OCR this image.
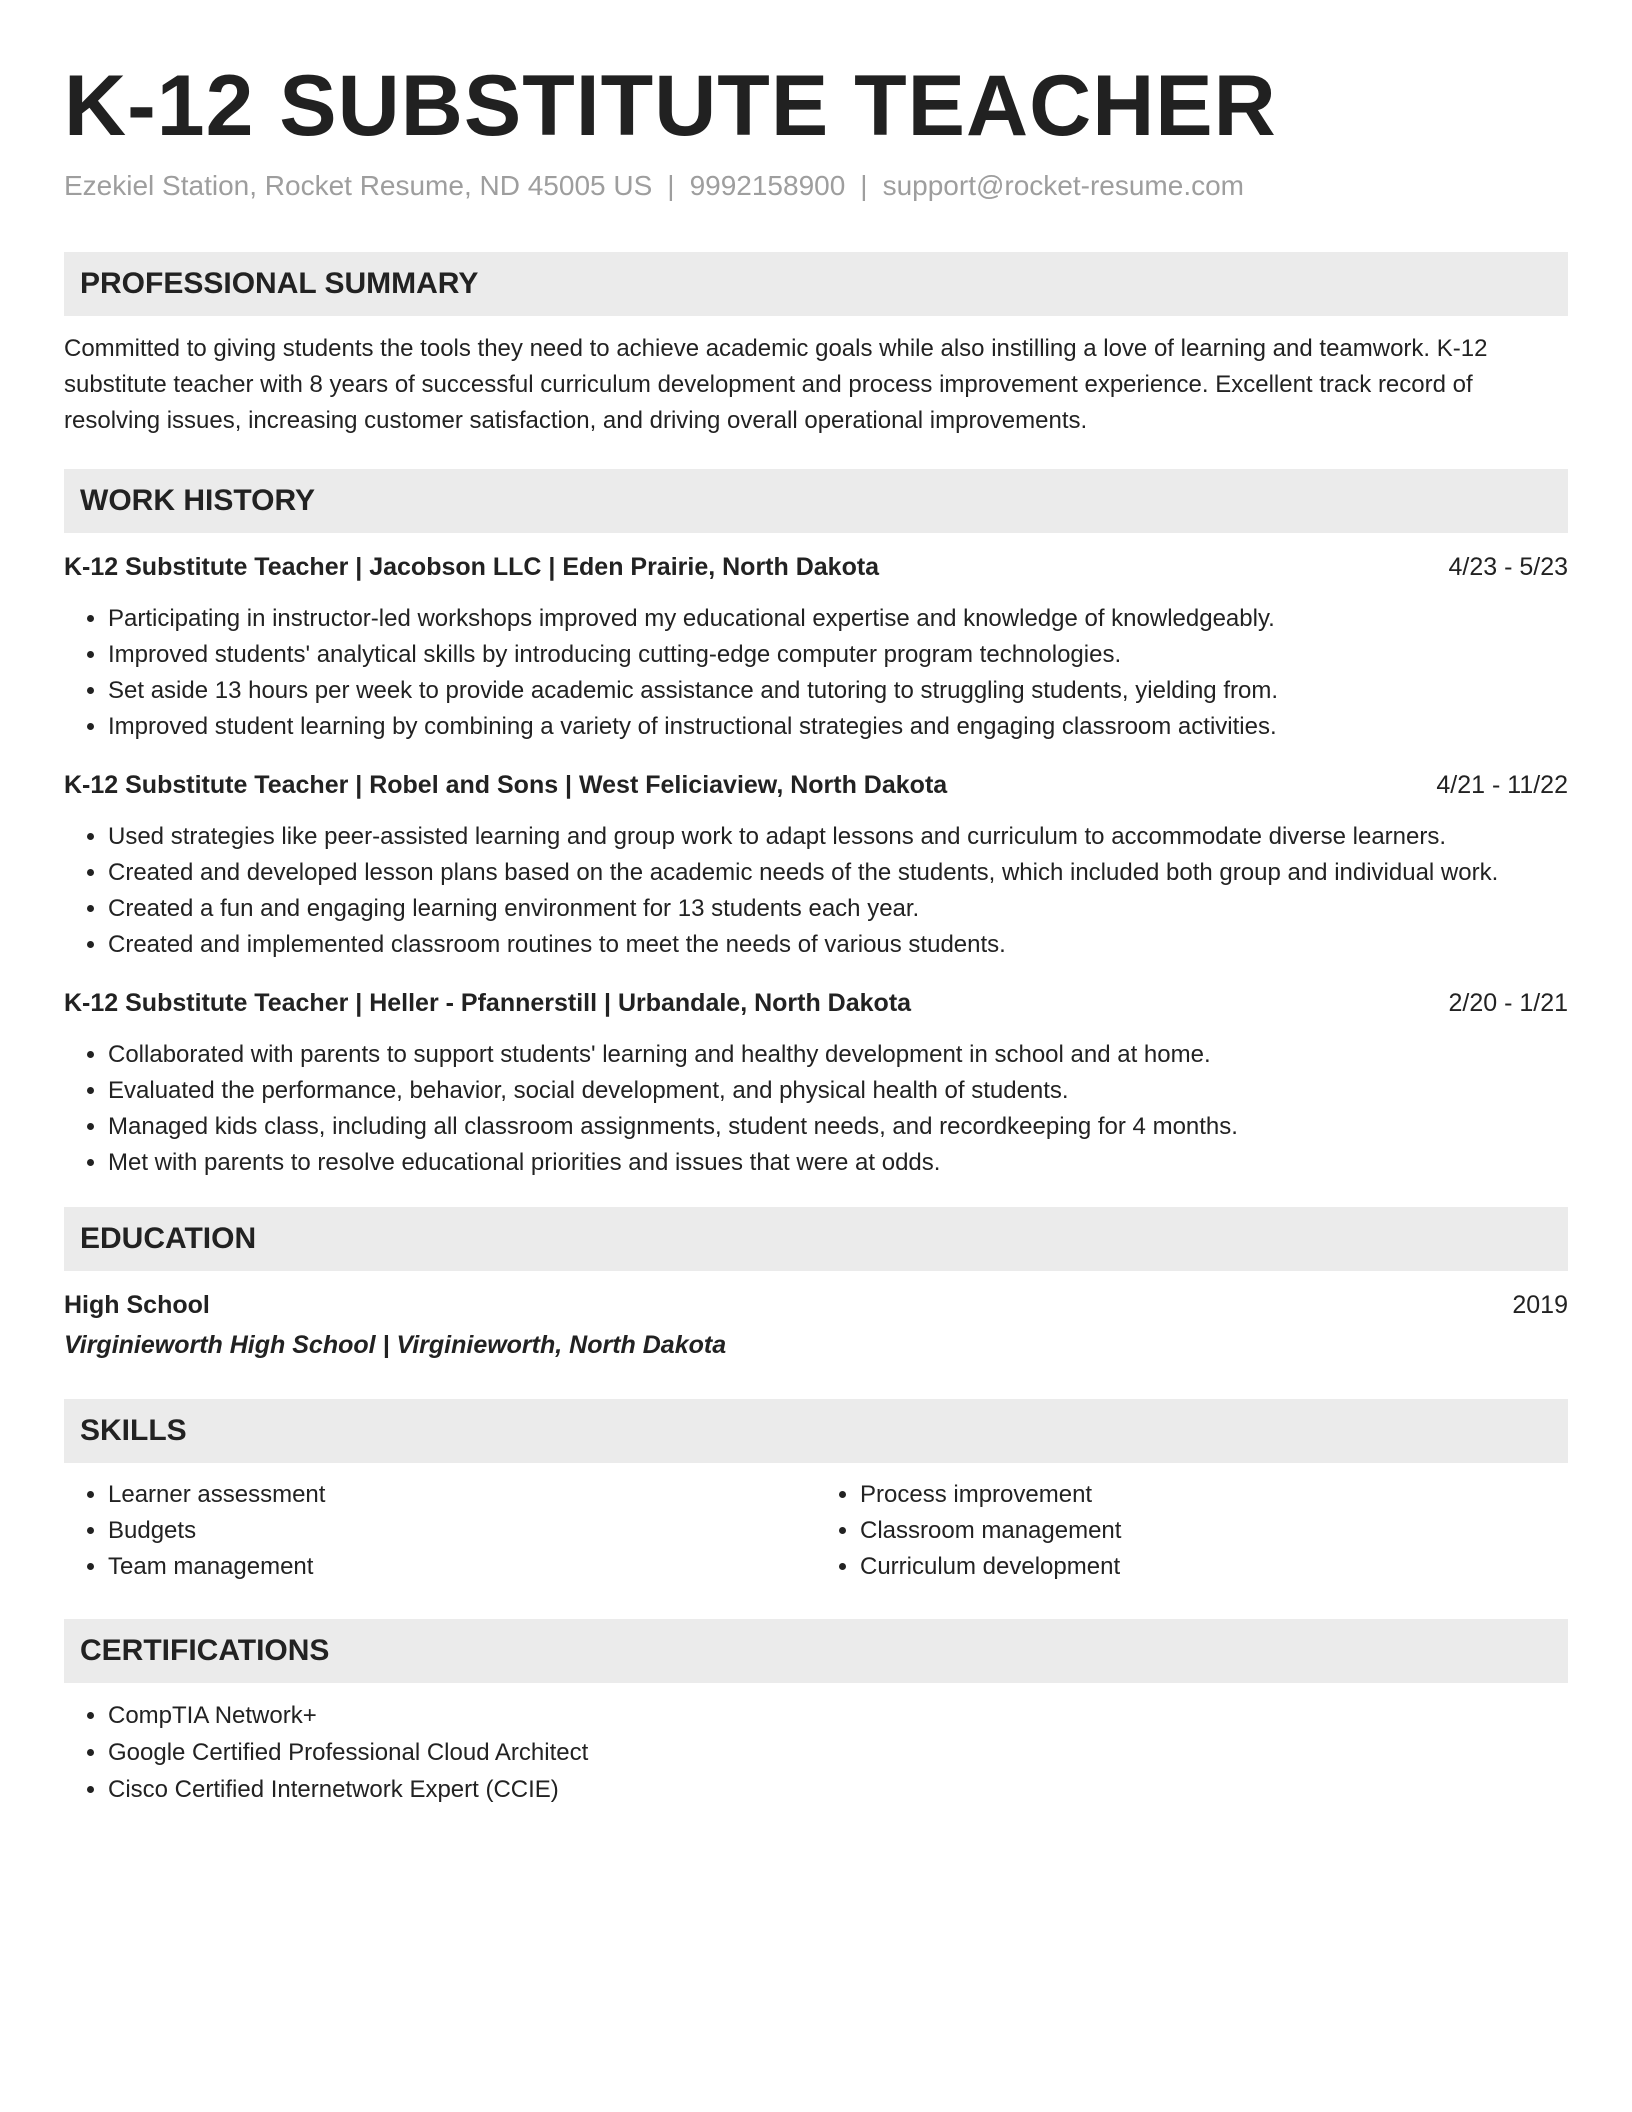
K-12 SUBSTITUTE TEACHER
Ezekiel Station, Rocket Resume, ND 45005 US | 9992158900 | support@rocket-resume.com
PROFESSIONAL SUMMARY
Committed to giving students the tools they need to achieve academic goals while also instilling a love of learning and teamwork. K-12 substitute teacher with 8 years of successful curriculum development and process improvement experience. Excellent track record of resolving issues, increasing customer satisfaction, and driving overall operational improvements.
WORK HISTORY
K-12 Substitute Teacher | Jacobson LLC | Eden Prairie, North Dakota	4/23 - 5/23
• Participating in instructor-led workshops improved my educational expertise and knowledge of knowledgeably.
• Improved students' analytical skills by introducing cutting-edge computer program technologies.
• Set aside 13 hours per week to provide academic assistance and tutoring to struggling students, yielding from.
• Improved student learning by combining a variety of instructional strategies and engaging classroom activities.
K-12 Substitute Teacher | Robel and Sons | West Feliciaview, North Dakota	4/21 - 11/22
• Used strategies like peer-assisted learning and group work to adapt lessons and curriculum to accommodate diverse learners.
• Created and developed lesson plans based on the academic needs of the students, which included both group and individual work.
• Created a fun and engaging learning environment for 13 students each year.
• Created and implemented classroom routines to meet the needs of various students.
K-12 Substitute Teacher | Heller - Pfannerstill | Urbandale, North Dakota	2/20 - 1/21
• Collaborated with parents to support students' learning and healthy development in school and at home.
• Evaluated the performance, behavior, social development, and physical health of students.
• Managed kids class, including all classroom assignments, student needs, and recordkeeping for 4 months.
• Met with parents to resolve educational priorities and issues that were at odds.
EDUCATION
High School	2019
Virginieworth High School | Virginieworth, North Dakota
SKILLS
• Learner assessment
• Budgets
• Team management
• Process improvement
• Classroom management
• Curriculum development
CERTIFICATIONS
• CompTIA Network+
• Google Certified Professional Cloud Architect
• Cisco Certified Internetwork Expert (CCIE)
